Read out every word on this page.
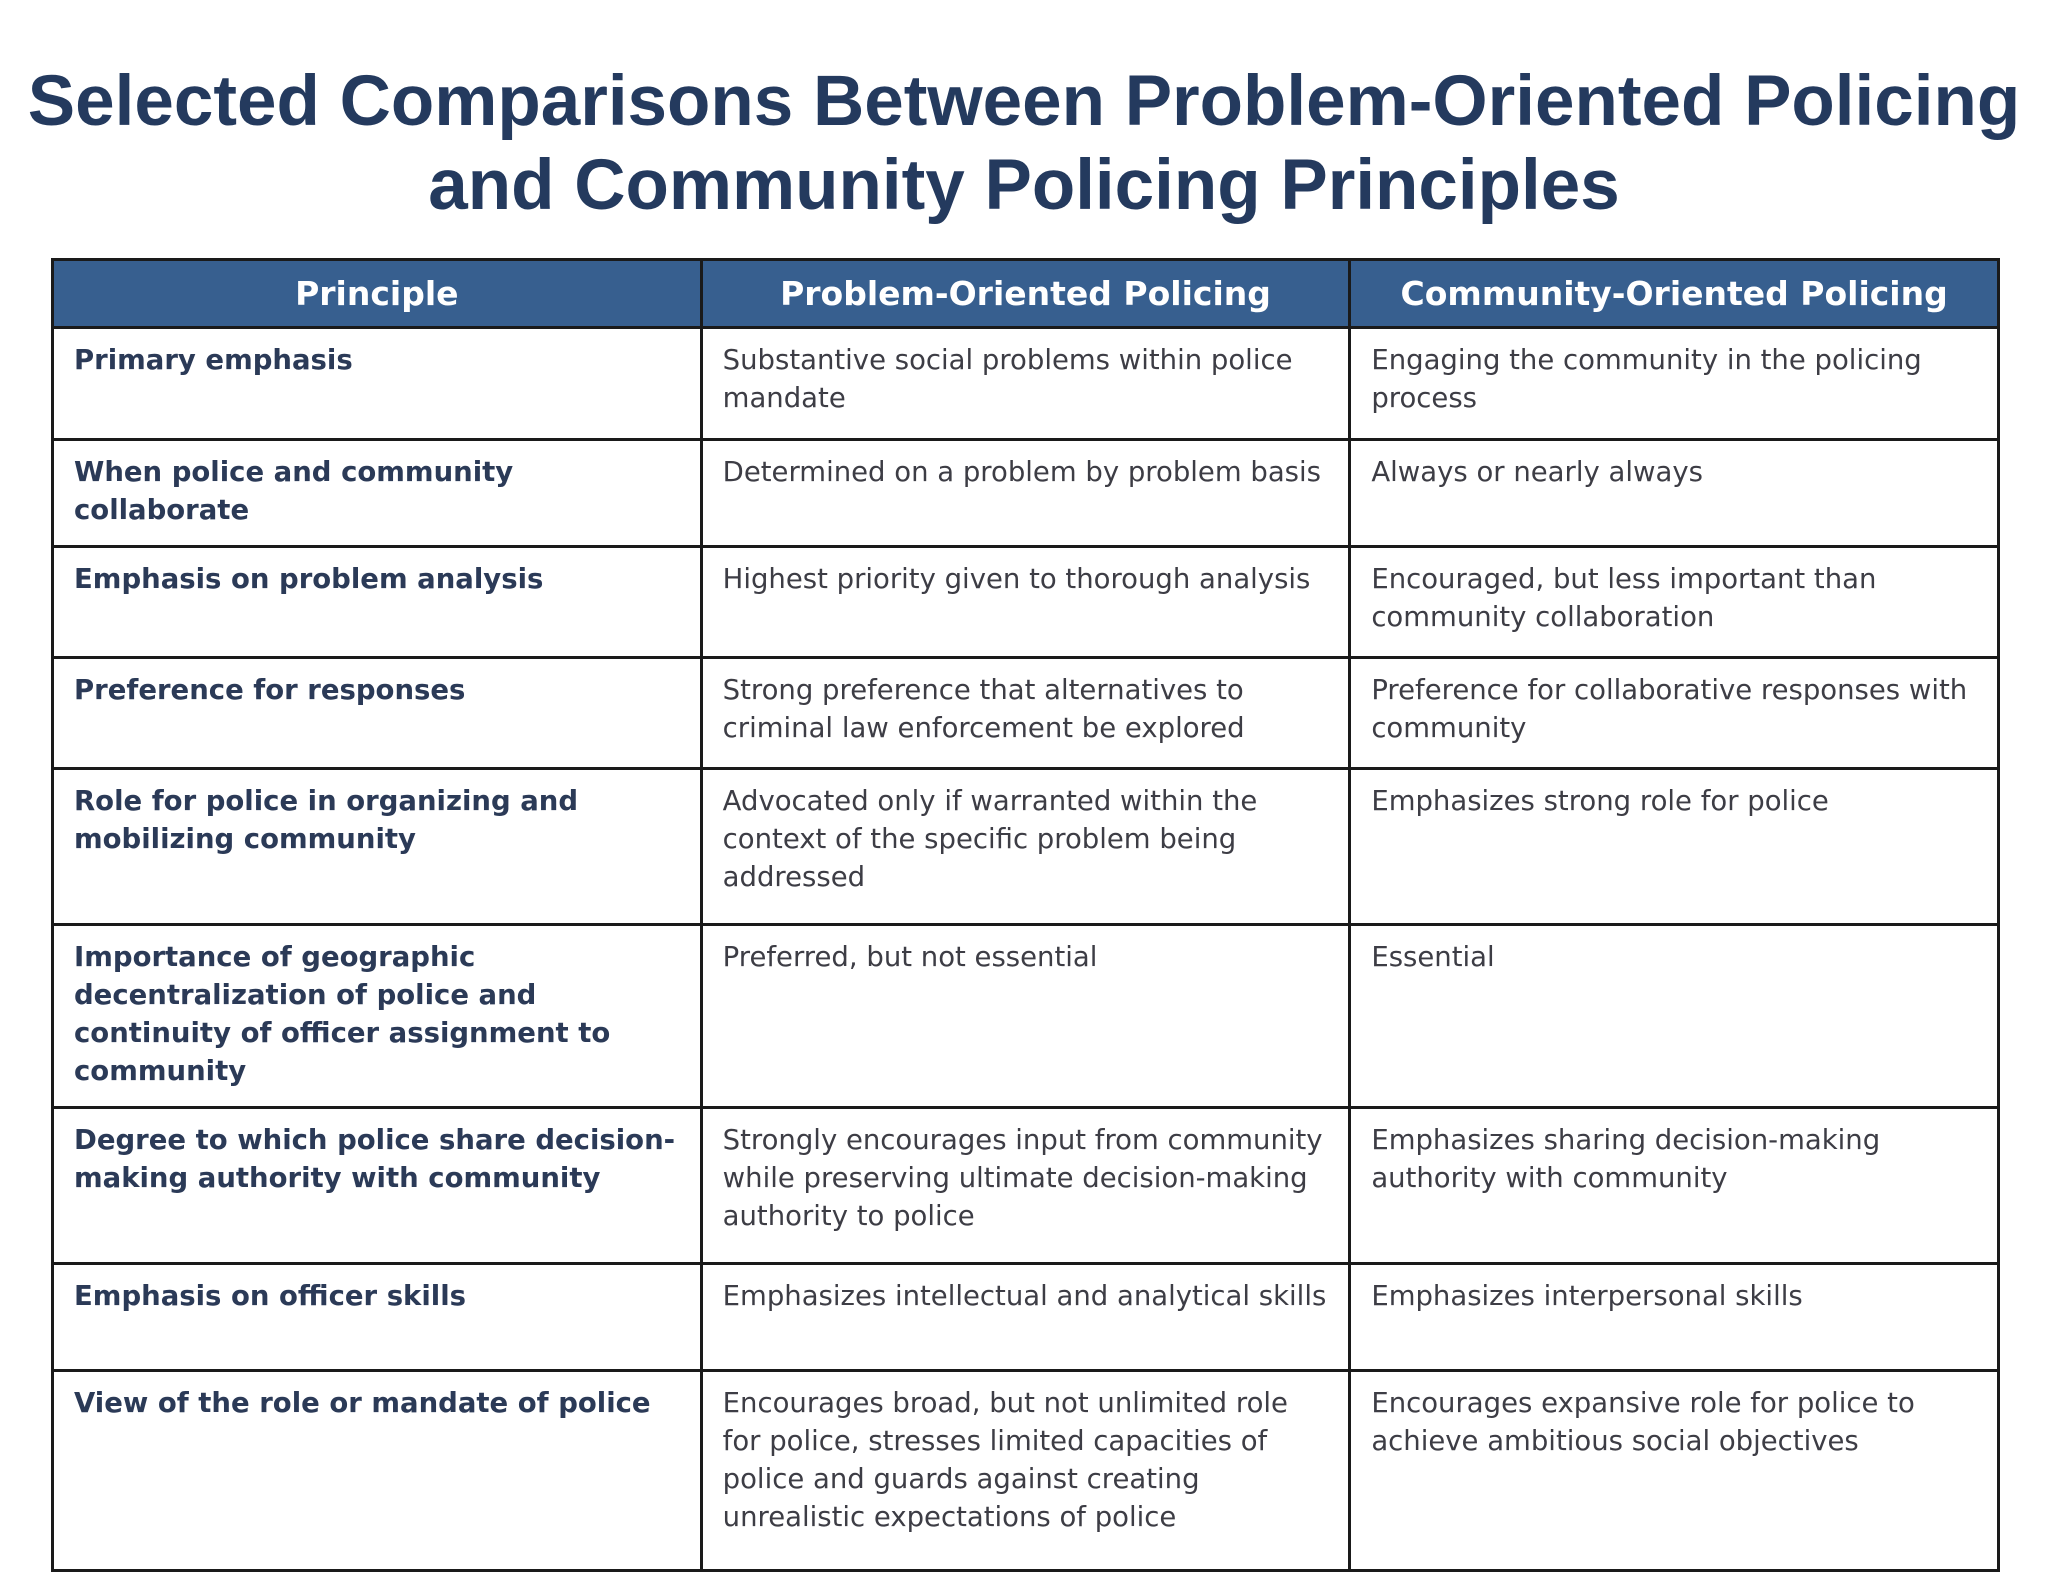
Selected Comparisons Between Problem-Oriented Policing
and Community Policing Principles
Principle	Problem-Oriented Policing	Community-Oriented Policing
Primary emphasis	Substantive social problems within police mandate	Engaging the community in the policing process
When police and community collaborate	Determined on a problem by problem basis	Always or nearly always
Emphasis on problem analysis	Highest priority given to thorough analysis	Encouraged, but less important than community collaboration
Preference for responses	Strong preference that alternatives to criminal law enforcement be explored	Preference for collaborative responses with community
Role for police in organizing and mobilizing community	Advocated only if warranted within the context of the specific problem being addressed	Emphasizes strong role for police
Importance of geographic decentralization of police and continuity of officer assignment to community	Preferred, but not essential	Essential
Degree to which police share decision-making authority with community	Strongly encourages input from community while preserving ultimate decision-making authority to police	Emphasizes sharing decision-making authority with community
Emphasis on officer skills	Emphasizes intellectual and analytical skills	Emphasizes interpersonal skills
View of the role or mandate of police	Encourages broad, but not unlimited role for police, stresses limited capacities of police and guards against creating unrealistic expectations of police	Encourages expansive role for police to achieve ambitious social objectives
